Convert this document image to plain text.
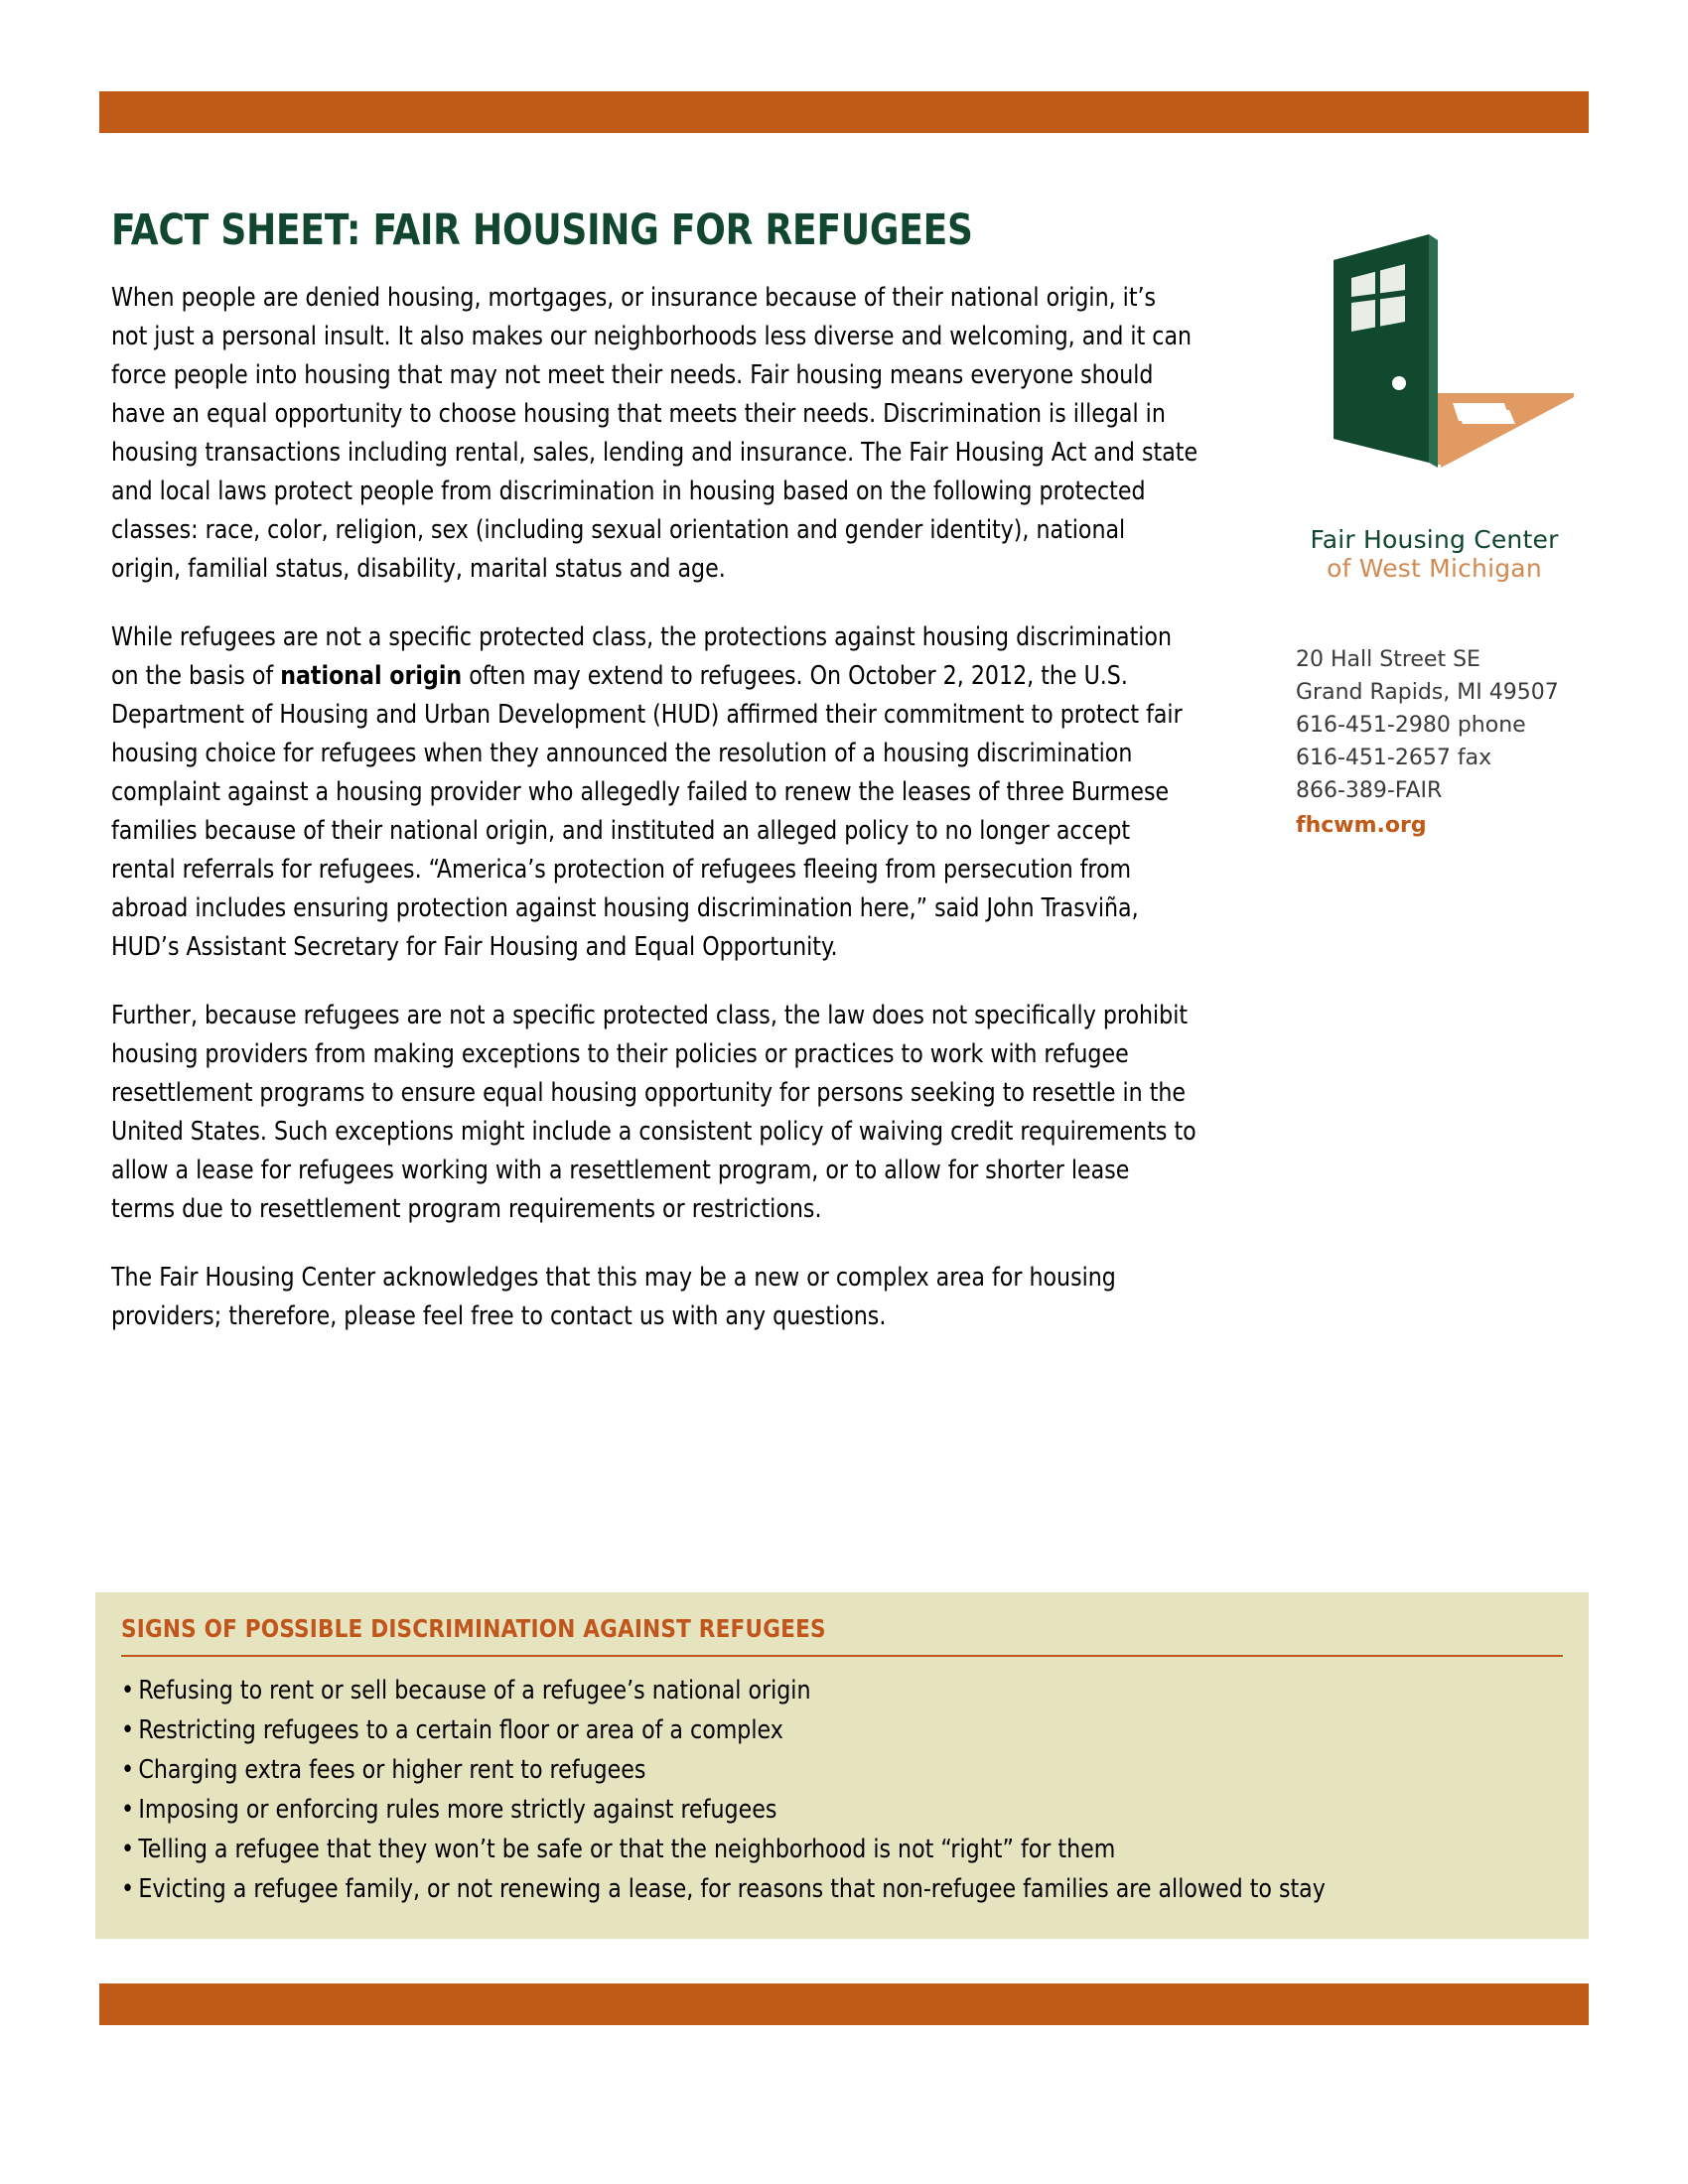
FACT SHEET: FAIR HOUSING FOR REFUGEES

When people are denied housing, mortgages, or insurance because of their national origin, it’s not just a personal insult. It also makes our neighborhoods less diverse and welcoming, and it can force people into housing that may not meet their needs. Fair housing means everyone should have an equal opportunity to choose housing that meets their needs. Discrimination is illegal in housing transactions including rental, sales, lending and insurance. The Fair Housing Act and state and local laws protect people from discrimination in housing based on the following protected classes: race, color, religion, sex (including sexual orientation and gender identity), national origin, familial status, disability, marital status and age.

While refugees are not a specific protected class, the protections against housing discrimination on the basis of national origin often may extend to refugees. On October 2, 2012, the U.S. Department of Housing and Urban Development (HUD) affirmed their commitment to protect fair housing choice for refugees when they announced the resolution of a housing discrimination complaint against a housing provider who allegedly failed to renew the leases of three Burmese families because of their national origin, and instituted an alleged policy to no longer accept rental referrals for refugees. “America’s protection of refugees fleeing from persecution from abroad includes ensuring protection against housing discrimination here,” said John Trasviña, HUD’s Assistant Secretary for Fair Housing and Equal Opportunity.

Further, because refugees are not a specific protected class, the law does not specifically prohibit housing providers from making exceptions to their policies or practices to work with refugee resettlement programs to ensure equal housing opportunity for persons seeking to resettle in the United States. Such exceptions might include a consistent policy of waiving credit requirements to allow a lease for refugees working with a resettlement program, or to allow for shorter lease terms due to resettlement program requirements or restrictions.

The Fair Housing Center acknowledges that this may be a new or complex area for housing providers; therefore, please feel free to contact us with any questions.

Fair Housing Center
of West Michigan
20 Hall Street SE
Grand Rapids, MI 49507
616-451-2980 phone
616-451-2657 fax
866-389-FAIR
fhcwm.org
SIGNS OF POSSIBLE DISCRIMINATION AGAINST REFUGEES
• Refusing to rent or sell because of a refugee’s national origin
• Restricting refugees to a certain floor or area of a complex
• Charging extra fees or higher rent to refugees
• Imposing or enforcing rules more strictly against refugees
• Telling a refugee that they won’t be safe or that the neighborhood is not “right” for them
• Evicting a refugee family, or not renewing a lease, for reasons that non-refugee families are allowed to stay
